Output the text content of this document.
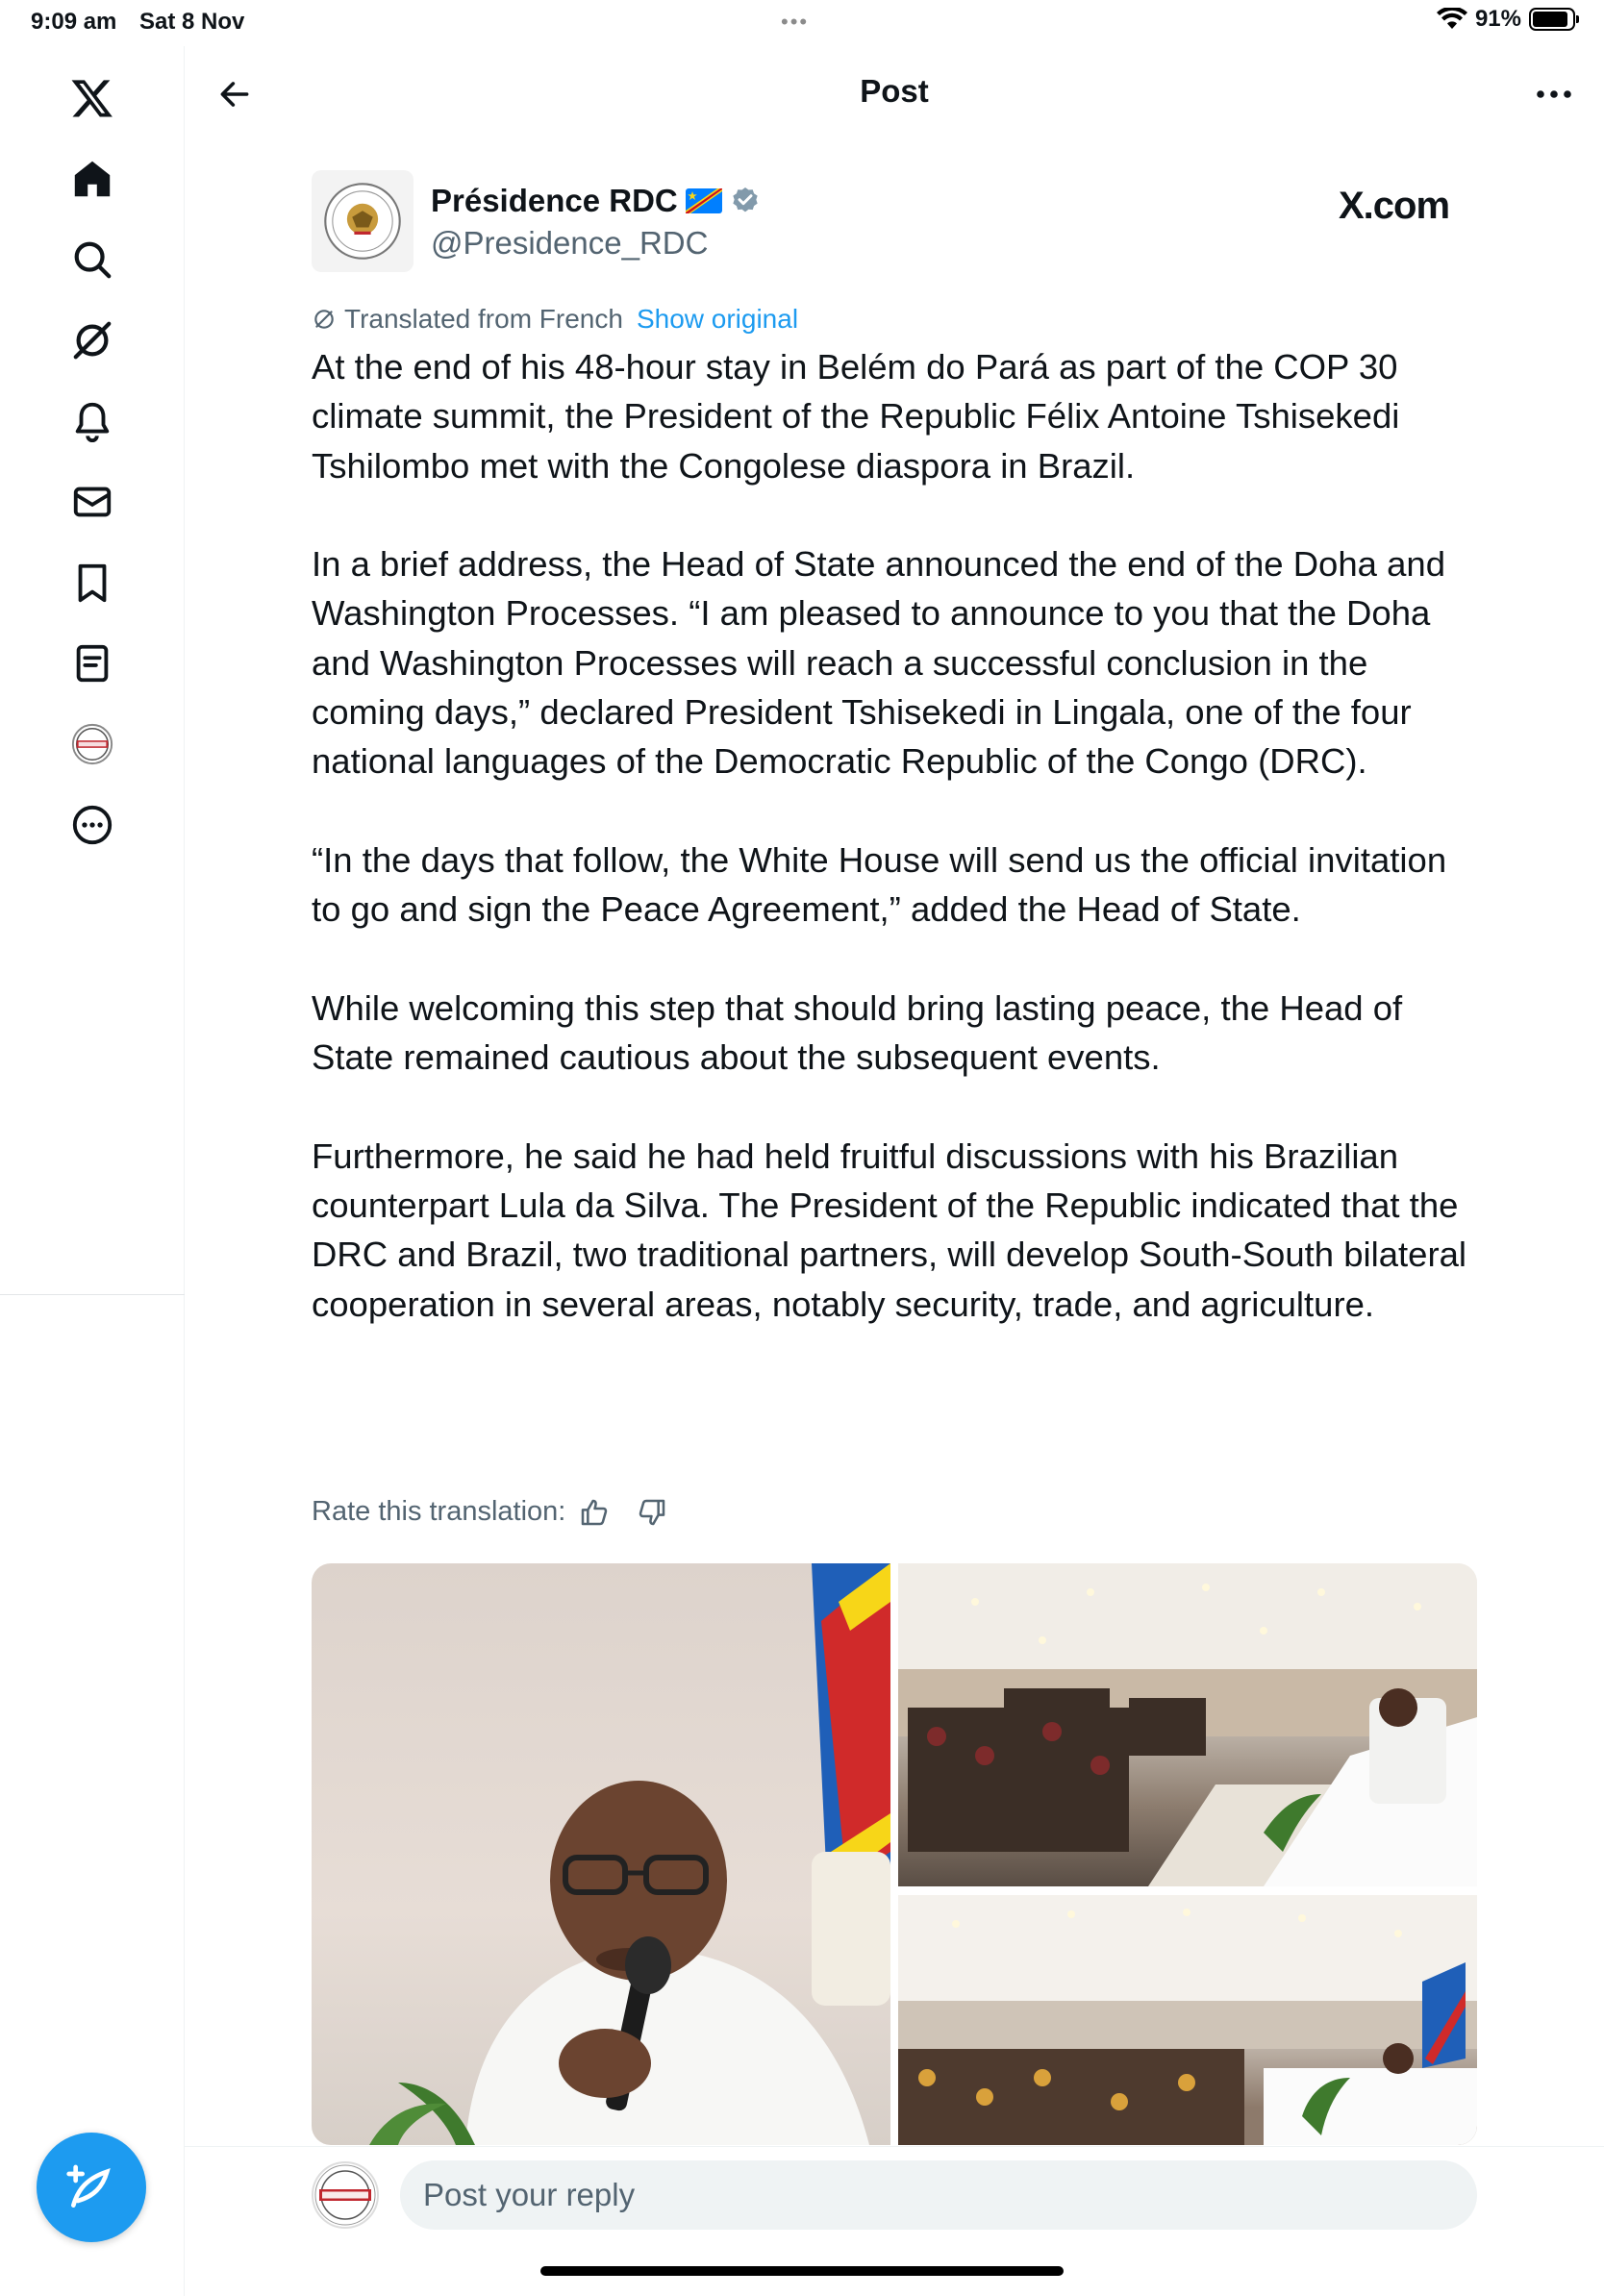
9:09 am Sat 8 Nov	•••	91%
Post
Présidence RDC
@Presidence_RDC
X.com
Translated from French Show original

At the end of his 48-hour stay in Belém do Pará as part of the COP 30 climate summit, the President of the Republic Félix Antoine Tshisekedi Tshilombo met with the Congolese diaspora in Brazil.

In a brief address, the Head of State announced the end of the Doha and Washington Processes. “I am pleased to announce to you that the Doha and Washington Processes will reach a successful conclusion in the coming days,” declared President Tshisekedi in Lingala, one of the four national languages of the Democratic Republic of the Congo (DRC).

“In the days that follow, the White House will send us the official invitation to go and sign the Peace Agreement,” added the Head of State.

While welcoming this step that should bring lasting peace, the Head of State remained cautious about the subsequent events.

Furthermore, he said he had held fruitful discussions with his Brazilian counterpart Lula da Silva. The President of the Republic indicated that the DRC and Brazil, two traditional partners, will develop South-South bilateral cooperation in several areas, notably security, trade, and agriculture.

Rate this translation:
Post your reply
